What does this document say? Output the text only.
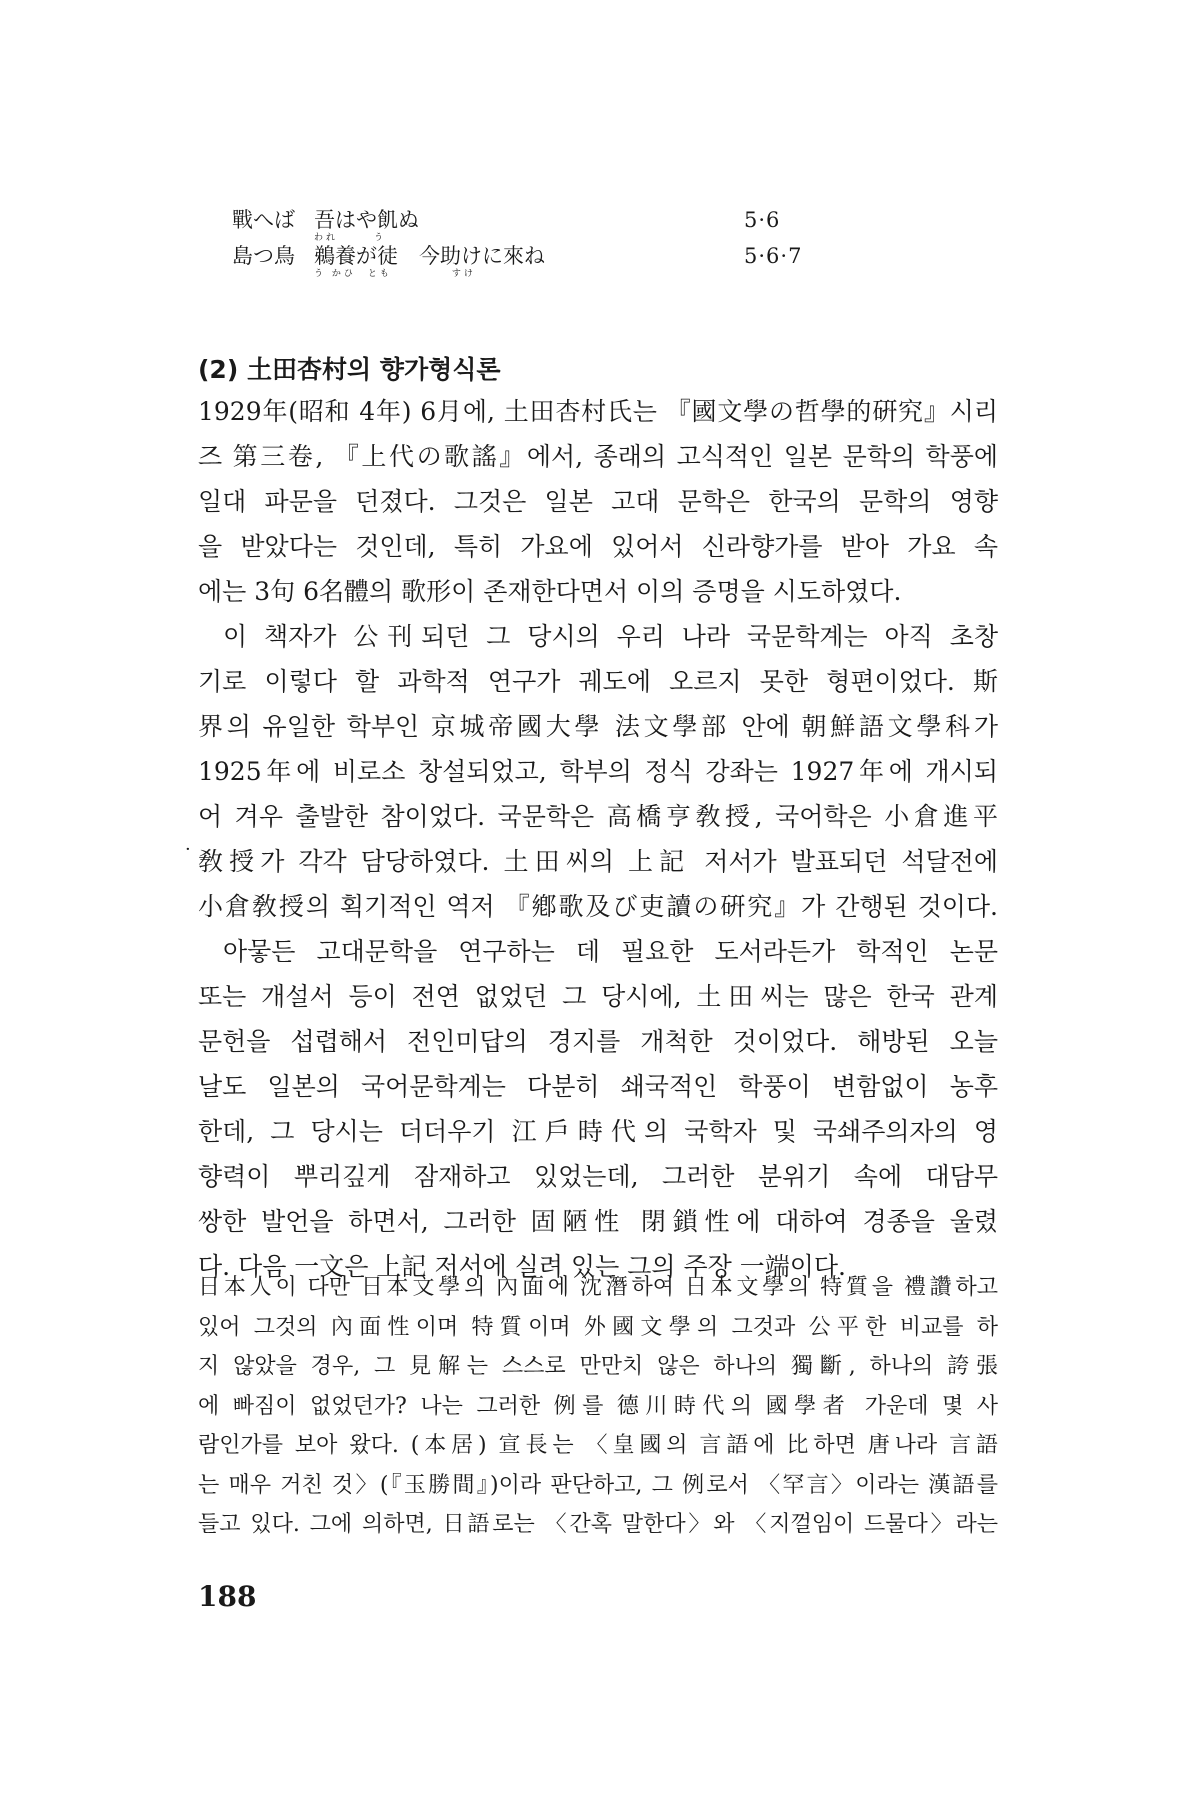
戰へば 吾はや飢ぬ
われ　　　う
5·6
島つ鳥 鵜養が徒　今助けに來ね
う かひ　とも　　　　　すけ
5·6·7
(2) 土田杏村의 향가형식론
1929年(昭和 4年) 6月에, 土田杏村氏는 『國文學の哲學的硏究』시리
즈 第三卷, 『上代の歌謠』에서, 종래의 고식적인 일본 문학의 학풍에
일대 파문을 던졌다. 그것은 일본 고대 문학은 한국의 문학의 영향
을 받았다는 것인데, 특히 가요에 있어서 신라향가를 받아 가요 속
에는 3句 6名體의 歌形이 존재한다면서 이의 증명을 시도하였다.
이 책자가 公刊되던 그 당시의 우리 나라 국문학계는 아직 초창
기로 이렇다 할 과학적 연구가 궤도에 오르지 못한 형편이었다. 斯
界의 유일한 학부인 京城帝國大學 法文學部 안에 朝鮮語文學科가
1925年에 비로소 창설되었고, 학부의 정식 강좌는 1927年에 개시되
어 겨우 출발한 참이었다. 국문학은 高橋亨敎授, 국어학은 小倉進平
敎授가 각각 담당하였다. 土田씨의 上記 저서가 발표되던 석달전에
小倉敎授의 획기적인 역저 『鄕歌及び吏讀の硏究』가 간행된 것이다.
아뭏든 고대문학을 연구하는 데 필요한 도서라든가 학적인 논문
또는 개설서 등이 전연 없었던 그 당시에, 土田씨는 많은 한국 관계
문헌을 섭렵해서 전인미답의 경지를 개척한 것이었다. 해방된 오늘
날도 일본의 국어문학계는 다분히 쇄국적인 학풍이 변함없이 농후
한데, 그 당시는 더더우기 江戶時代의 국학자 및 국쇄주의자의 영
향력이 뿌리깊게 잠재하고 있었는데, 그러한 분위기 속에 대담무
쌍한 발언을 하면서, 그러한 固陋性 閉鎖性에 대하여 경종을 울렸
다. 다음 一文은 上記 저서에 실려 있는 그의 주장 一端이다.
日本人이 다만 日本文學의 內面에 沈潛하여 日本文學의 特質을 禮讚하고
있어 그것의 內面性이며 特質이며 外國文學의 그것과 公平한 비교를 하
지 않았을 경우, 그 見解는 스스로 만만치 않은 하나의 獨斷, 하나의 誇張
에 빠짐이 없었던가? 나는 그러한 例를 德川時代의 國學者 가운데 몇 사
람인가를 보아 왔다. (本居) 宣長는 〈皇國의 言語에 比하면 唐나라 言語
는 매우 거친 것〉(『玉勝間』)이라 판단하고, 그 例로서 〈罕言〉이라는 漢語를
들고 있다. 그에 의하면, 日語로는 〈간혹 말한다〉와 〈지껄임이 드물다〉라는
·
188
